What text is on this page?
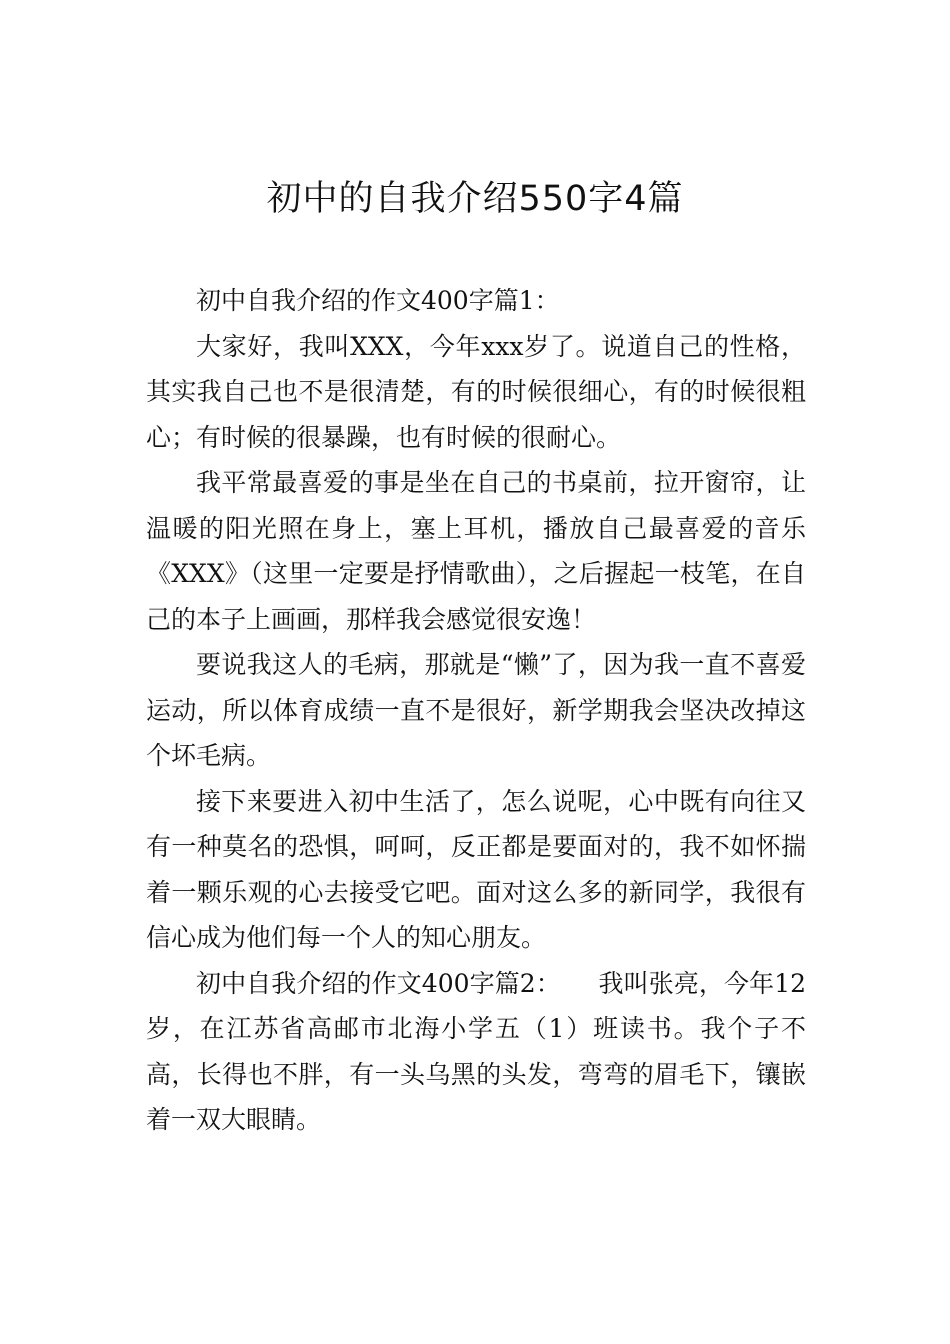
初中的自我介绍550字4篇

初中自我介绍的作文400字篇1：

大家好，我叫XXX，今年xxx岁了。说道自己的性格，其实我自己也不是很清楚，有的时候很细心，有的时候很粗心；有时候的很暴躁，也有时候的很耐心。

我平常最喜爱的事是坐在自己的书桌前，拉开窗帘，让温暖的阳光照在身上，塞上耳机，播放自己最喜爱的音乐《XXX》（这里一定要是抒情歌曲），之后握起一枝笔，在自己的本子上画画，那样我会感觉很安逸！

要说我这人的毛病，那就是“懒”了，因为我一直不喜爱运动，所以体育成绩一直不是很好，新学期我会坚决改掉这个坏毛病。

接下来要进入初中生活了，怎么说呢，心中既有向往又有一种莫名的恐惧，呵呵，反正都是要面对的，我不如怀揣着一颗乐观的心去接受它吧。面对这么多的新同学，我很有信心成为他们每一个人的知心朋友。

初中自我介绍的作文400字篇2：　　我叫张亮，今年12岁，在江苏省高邮市北海小学五（1）班读书。我个子不高，长得也不胖，有一头乌黑的头发，弯弯的眉毛下，镶嵌着一双大眼睛。
